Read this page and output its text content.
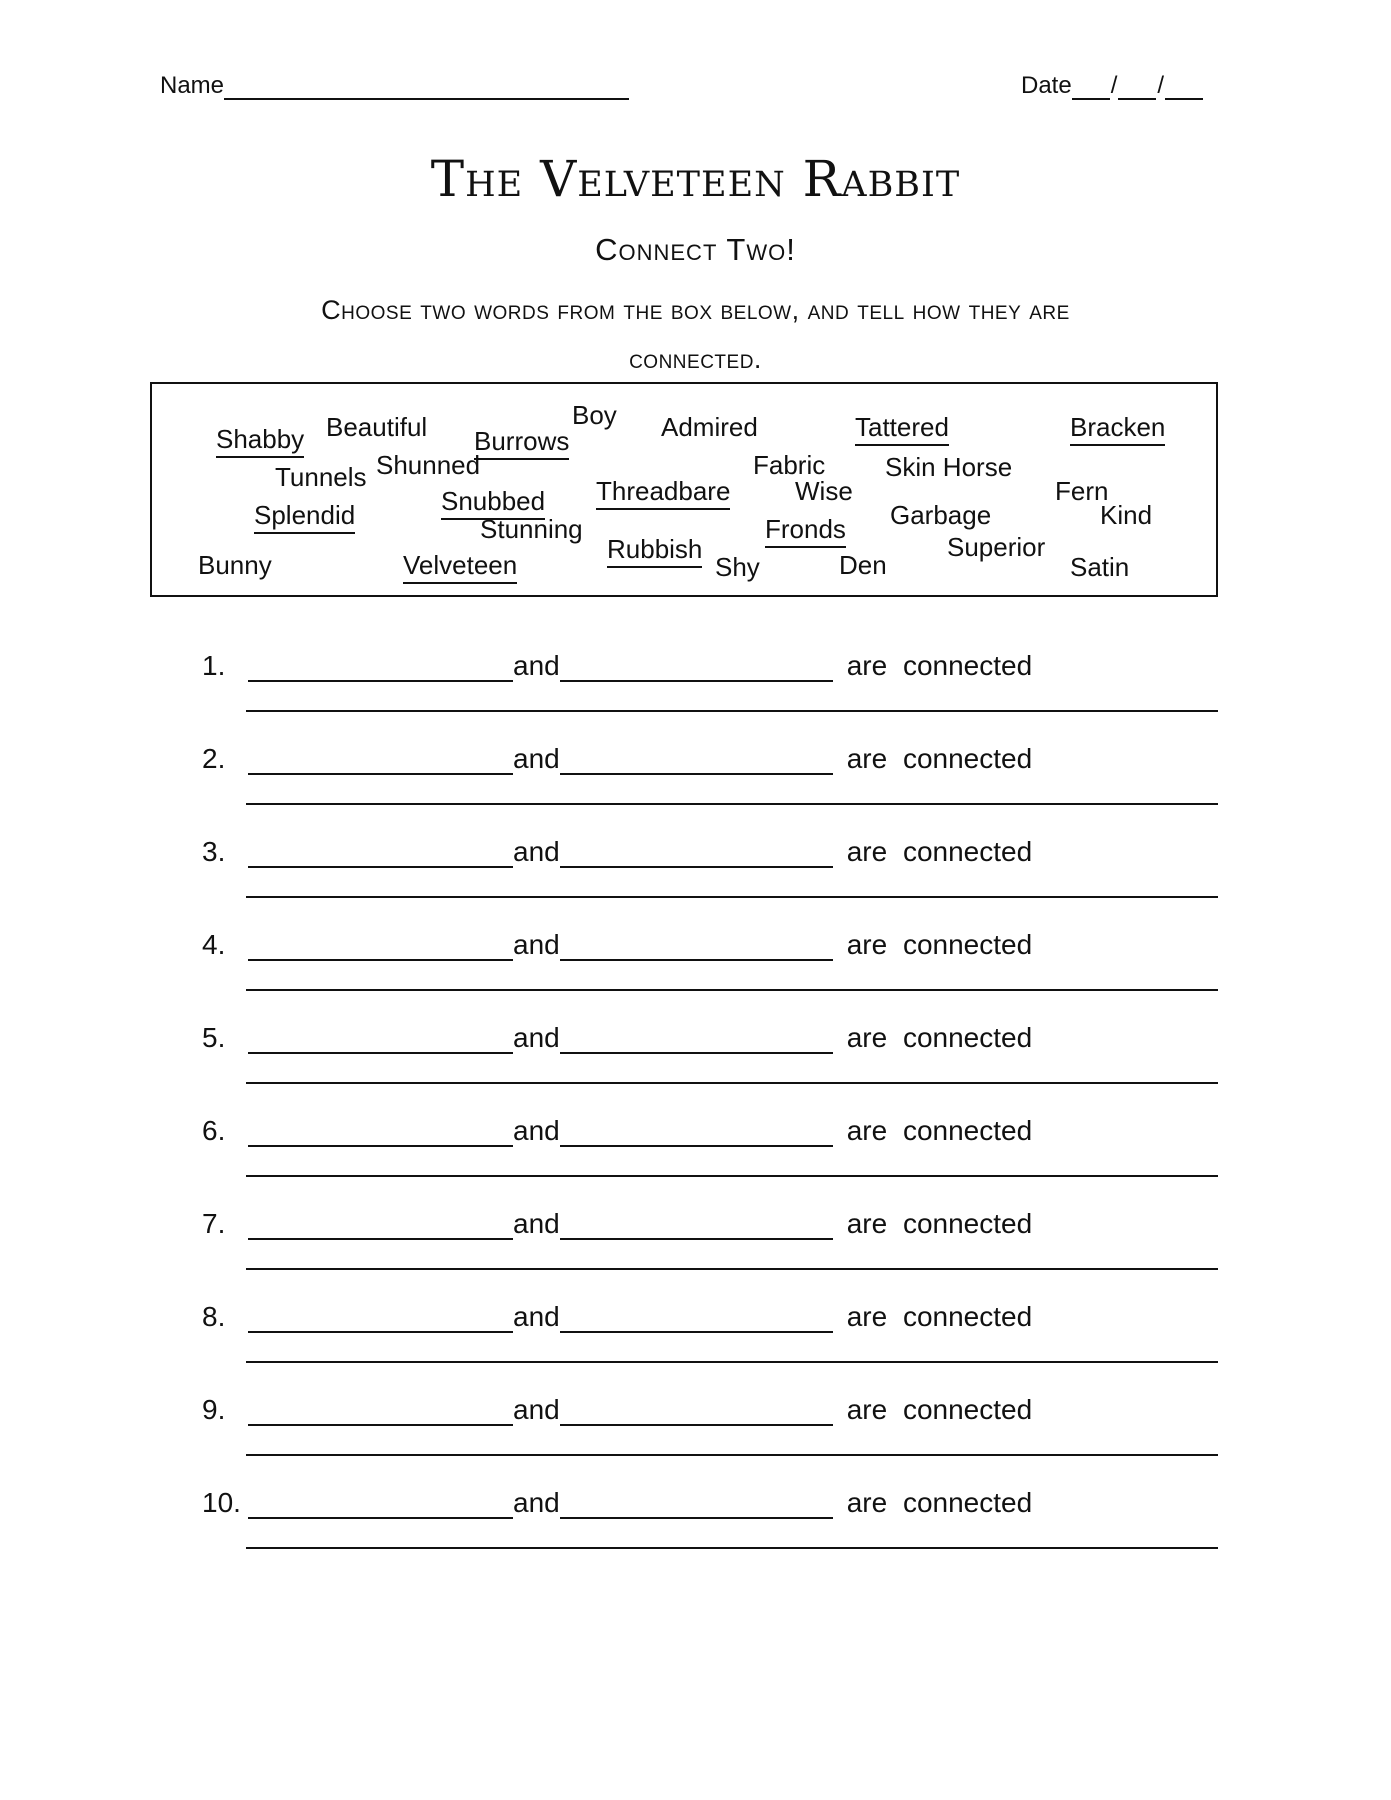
Name	Date / /
The Velveteen Rabbit
Connect Two!
Choose two words from the box below, and tell how they are
connected.
Shabby Beautiful Burrows
Boy Admired	Tattered	Bracken
Tunnels Shunned	Fabric Skin Horse
Threadbare Wise	Fern
Splendid	Snubbed	Garbage	Kind
Stunning	Fronds
Rubbish	Superior
Bunny	Velveteen	Shy	Den	Satin
1.	and	are connected
2.	and	are connected
3.	and	are connected
4.	and	are connected
5.	and	are connected
6.	and	are connected
7.	and	are connected
8.	and	are connected
9.	and	are connected
10.	and	are connected
